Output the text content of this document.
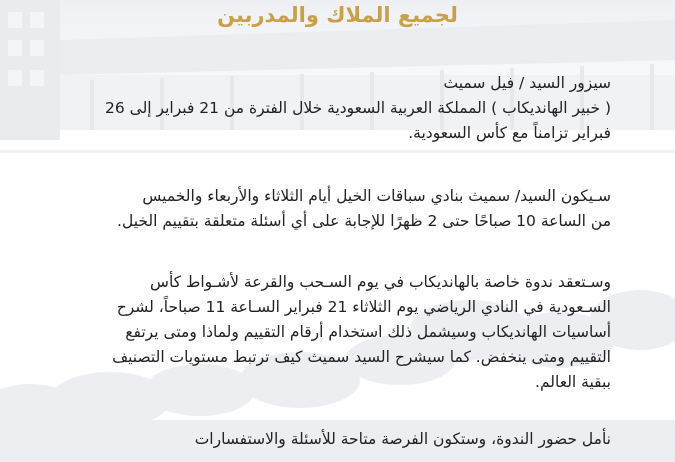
لجميع الملاك والمدربين
سيزور السيد / فيل سميث
( خبير الهانديكاب ) المملكة العربية السعودية خلال الفترة من 21 فبراير إلى 26
فبراير تزامناً مع كأس السعودية.
سـيكون السيد/ سميث بنادي سباقات الخيل أيام الثلاثاء والأربعاء والخميس
من الساعة 10 صباحًا حتى 2 ظهرًا للإجابة على أي أسئلة متعلقة بتقييم الخيل.
وسـتعقد ندوة خاصة بالهانديكاب في يوم السـحب والقرعة لأشـواط كأس
السـعودية في النادي الرياضي يوم الثلاثاء 21 فبراير السـاعة 11 صباحاً، لشرح
أساسيات الهانديكاب وسيشمل ذلك استخدام أرقام التقييم ولماذا ومتى يرتفع
التقييم ومتى ينخفض. كما سيشرح السيد سميث كيف ترتبط مستويات التصنيف
ببقية العالم.
نأمل حضور الندوة، وستكون الفرصة متاحة للأسئلة والاستفسارات
